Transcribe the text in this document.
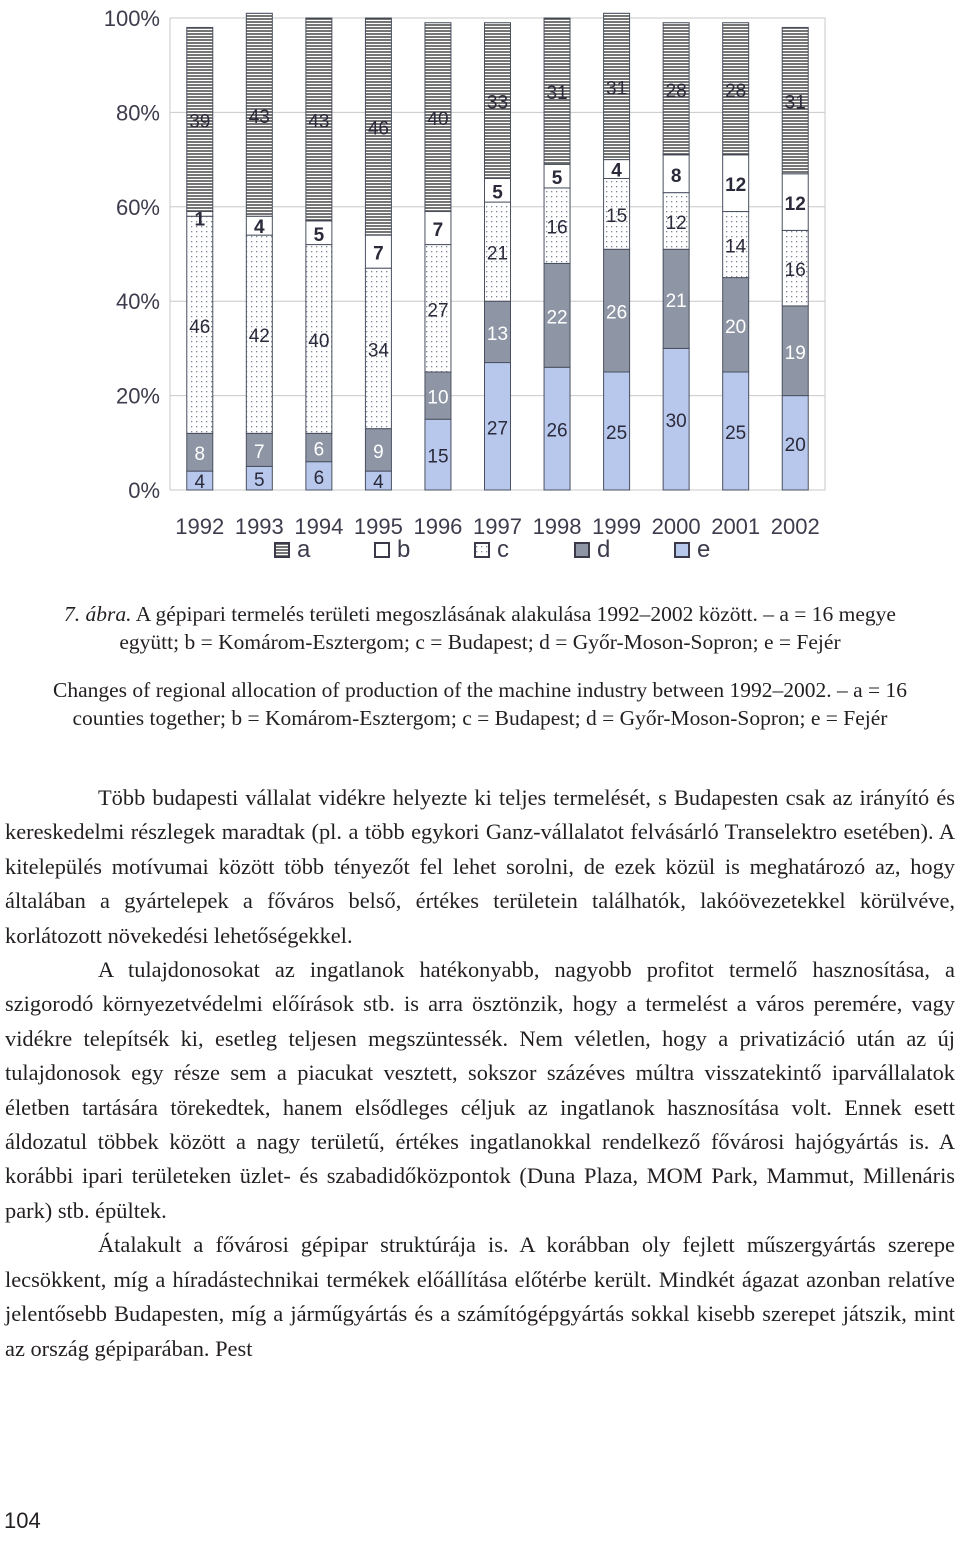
4
8
46
1
39
5
7
42
4
43
6
6
40
5
43
4
9
34
7
46
15
10
27
7
40
27
13
21
5
33
26
22
16
5
31
25
26
15
4
31
30
21
12
8
28
25
20
14
12
28
20
19
16
12
31
0%
20%
40%
60%
80%
100%
1992 1993 1994 1995 1996 1997 1998 1999 2000 2001 2002
a	b	c	d	e
7. ábra. A gépipari termelés területi megoszlásának alakulása 1992–2002 között. – a = 16 megye
együtt; b = Komárom-Esztergom; c = Budapest; d = Győr-Moson-Sopron; e = Fejér
Changes of regional allocation of production of the machine industry between 1992–2002. – a = 16
counties together; b = Komárom-Esztergom; c = Budapest; d = Győr-Moson-Sopron; e = Fejér

Több budapesti vállalat vidékre helyezte ki teljes termelését, s Budapesten csak az irányító és kereskedelmi részlegek maradtak (pl. a több egykori Ganz-vállalatot felvásárló Transelektro esetében). A kitelepülés motívumai között több tényezőt fel lehet sorolni, de ezek közül is meghatározó az, hogy általában a gyártelepek a főváros belső, értékes területein találhatók, lakóövezetekkel körülvéve, korlátozott növekedési lehetőségekkel.

A tulajdonosokat az ingatlanok hatékonyabb, nagyobb profitot termelő hasznosítása, a szigorodó környezetvédelmi előírások stb. is arra ösztönzik, hogy a termelést a város peremére, vagy vidékre telepítsék ki, esetleg teljesen megszüntessék. Nem véletlen, hogy a privatizáció után az új tulajdonosok egy része sem a piacukat vesztett, sokszor százéves múltra visszatekintő iparvállalatok életben tartására törekedtek, hanem elsődleges céljuk az ingatlanok hasznosítása volt. Ennek esett áldozatul többek között a nagy területű, értékes ingatlanokkal rendelkező fővárosi hajógyártás is. A korábbi ipari területeken üzlet- és szabadidőközpontok (Duna Plaza, MOM Park, Mammut, Millenáris park) stb. épültek.

Átalakult a fővárosi gépipar struktúrája is. A korábban oly fejlett műszergyártás szerepe lecsökkent, míg a híradástechnikai termékek előállítása előtérbe került. Mindkét ágazat azonban relatíve jelentősebb Budapesten, míg a járműgyártás és a számítógépgyártás sokkal kisebb szerepet játszik, mint az ország gépiparában. Pest

104
